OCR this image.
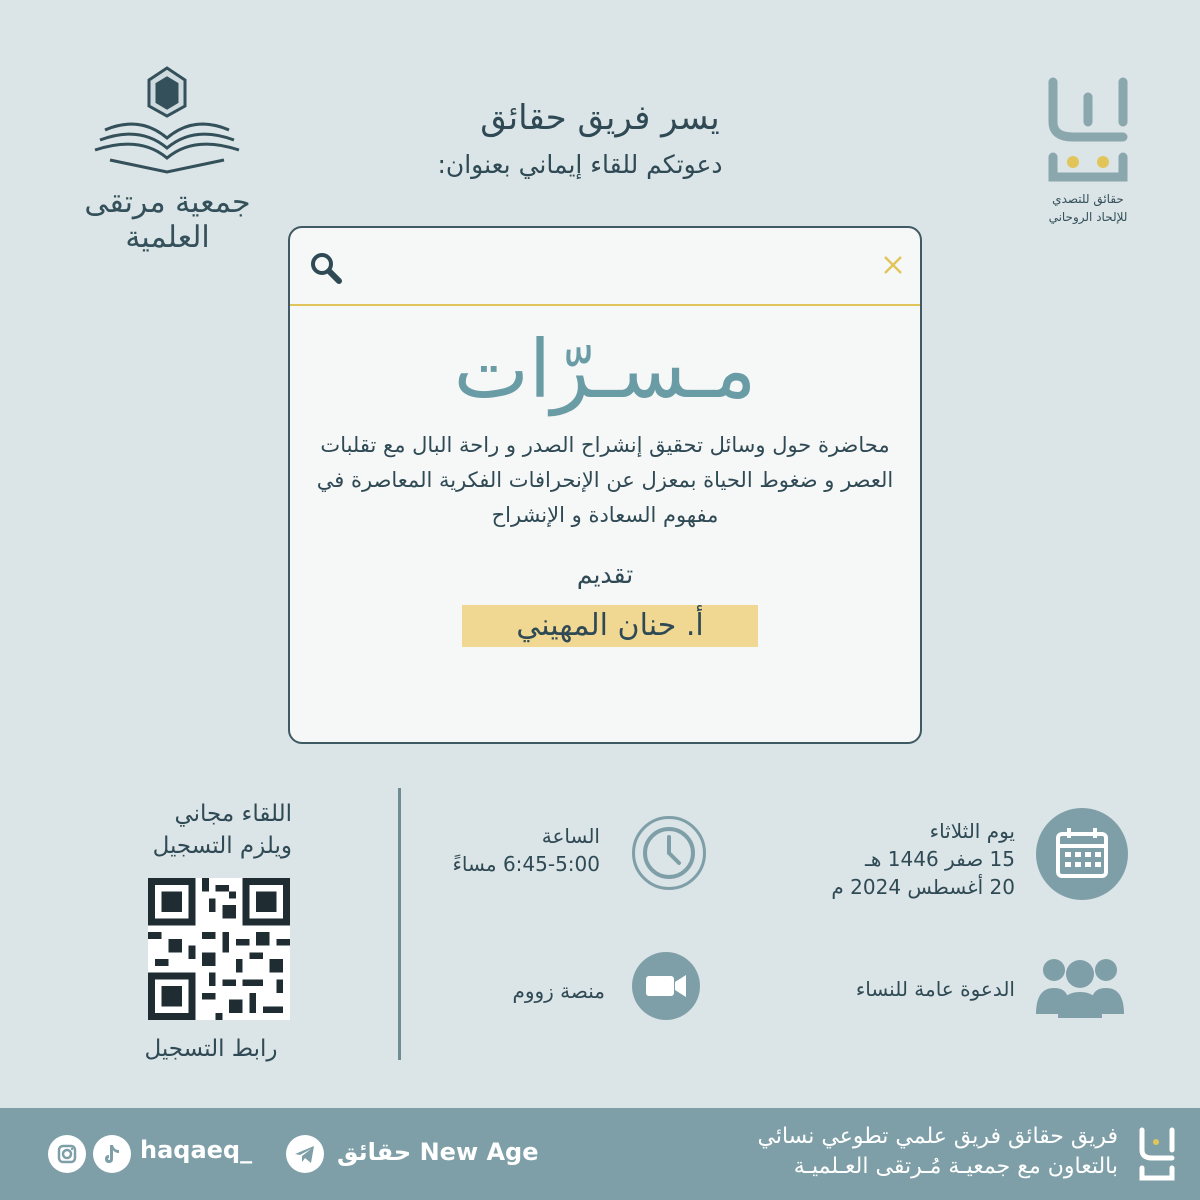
جمعية مرتقى العلمية
حقائق للتصدي
للإلحاد الروحاني
يسر فريق حقائق
دعوتكم للقاء إيماني بعنوان:
مـسـرّات
محاضرة حول وسائل تحقيق إنشراح الصدر و راحة البال مع تقلبات العصر و ضغوط الحياة بمعزل عن الإنحرافات الفكرية المعاصرة في مفهوم السعادة و الإنشراح
تقديم
أ. حنان المهيني
يوم الثلاثاء
15 صفر 1446 هـ
20 أغسطس 2024 م
الساعة
6:45-5:00 مساءً
الدعوة عامة للنساء
منصة زووم
اللقاء مجاني
ويلزم التسجيل
رابط التسجيل
فريق حقائق فريق علمي تطوعي نسائي
بالتعاون مع جمعيـة مُـرتقى العـلميـة
حقائق New Age
haqaeq_
